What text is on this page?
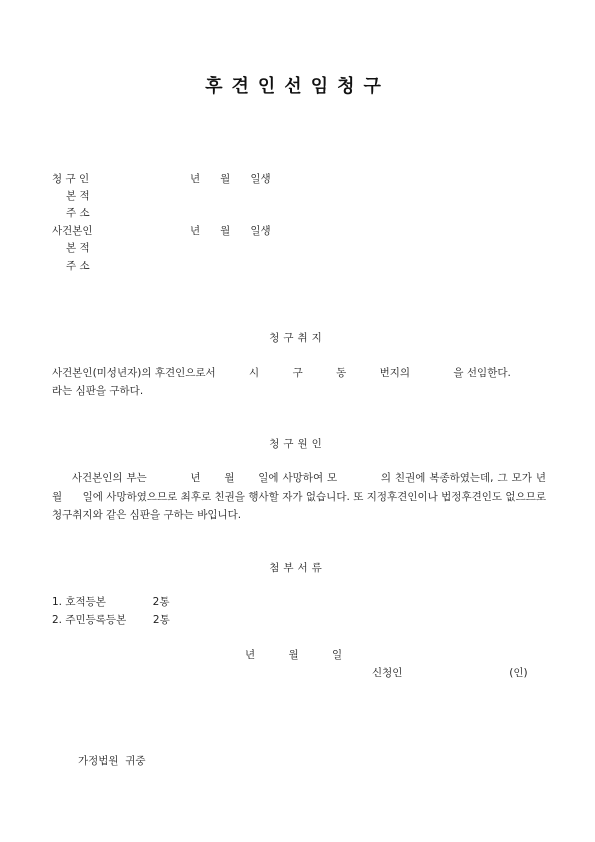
후견인선임청구
청 구 인	년      월      일생
본 적
주 소
사건본인	년      월      일생
본 적
주 소
청구취지
사건본인(미성년자)의 후견인으로서          시          구          동          번지의             을 선임한다.
라는 심판을 구하다.
청구원인
사건본인의 부는           년      월      일에 사망하여 모           의 친권에 복종하였는데, 그 모가 년      월      일에 사망하였으므로 최후로 친권을 행사할 자가 없습니다. 또 지정후견인이나 법정후견인도 없으므로 청구취지와 같은 심판을 구하는 바입니다.
첨부서류
1. 호적등본              2통
2. 주민등록등본        2통
년          월          일
신청인                                (인)
가정법원  귀중
